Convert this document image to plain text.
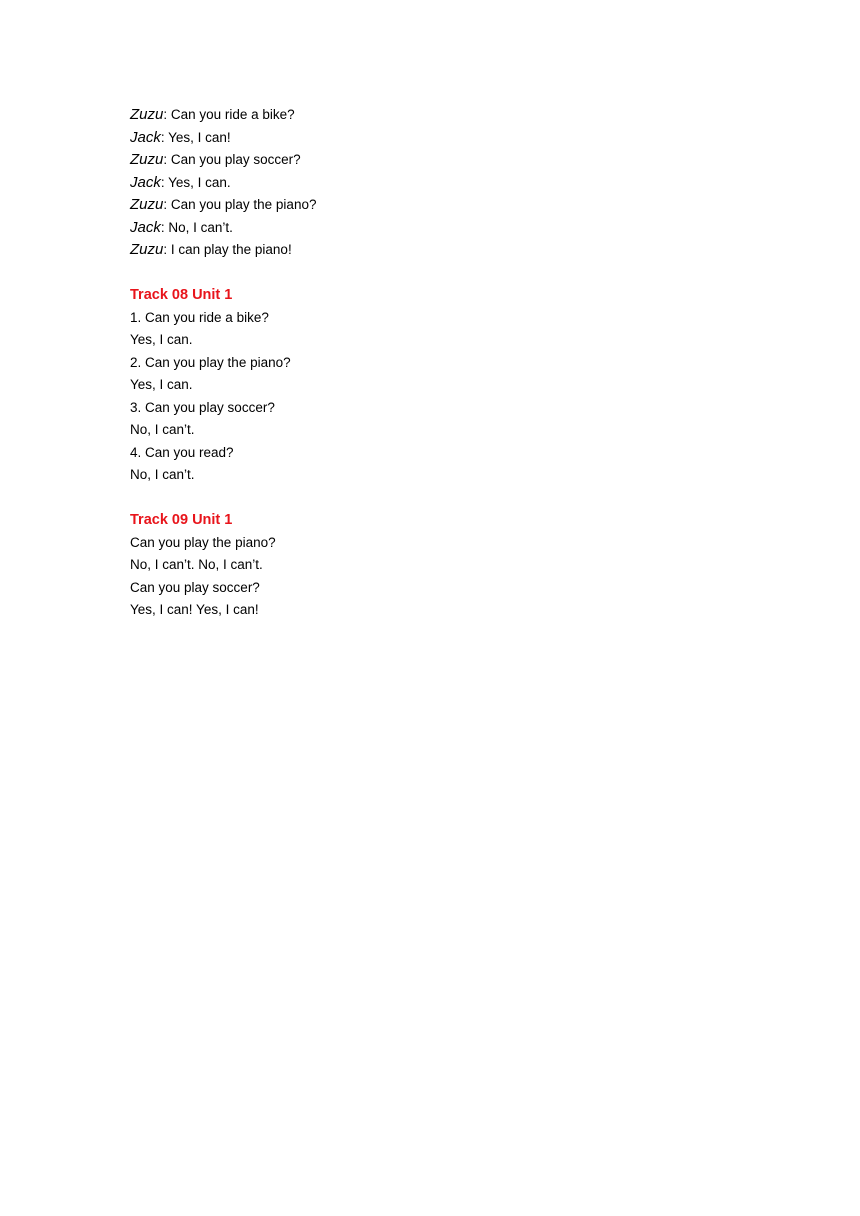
Zuzu: Can you ride a bike?
Jack: Yes, I can!
Zuzu: Can you play soccer?
Jack: Yes, I can.
Zuzu: Can you play the piano?
Jack: No, I can’t.
Zuzu: I can play the piano!
Track 08 Unit 1
1. Can you ride a bike?
Yes, I can.
2. Can you play the piano?
Yes, I can.
3. Can you play soccer?
No, I can’t.
4. Can you read?
No, I can’t.
Track 09 Unit 1
Can you play the piano?
No, I can’t. No, I can’t.
Can you play soccer?
Yes, I can! Yes, I can!
